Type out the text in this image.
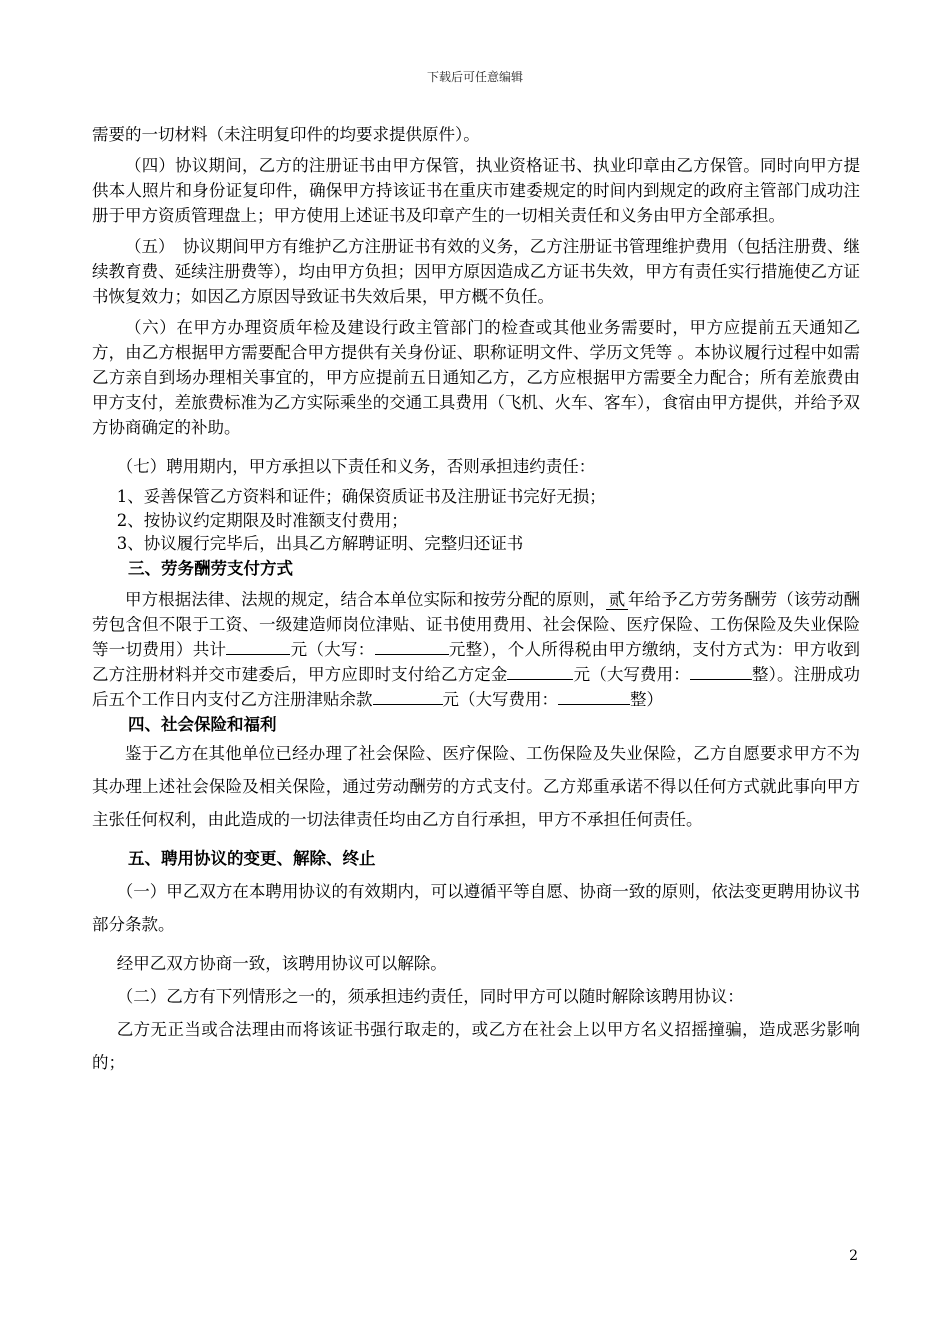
下载后可任意编辑

需要的一切材料（未注明复印件的均要求提供原件）。

（四）协议期间，乙方的注册证书由甲方保管，执业资格证书、执业印章由乙方保管。同时向甲方提供本人照片和身份证复印件，确保甲方持该证书在重庆市建委规定的时间内到规定的政府主管部门成功注册于甲方资质管理盘上；甲方使用上述证书及印章产生的一切相关责任和义务由甲方全部承担。

（五）　协议期间甲方有维护乙方注册证书有效的义务，乙方注册证书管理维护费用（包括注册费、继续教育费、延续注册费等），均由甲方负担；因甲方原因造成乙方证书失效，甲方有责任实行措施使乙方证书恢复效力；如因乙方原因导致证书失效后果，甲方概不负任。

（六）在甲方办理资质年检及建设行政主管部门的检查或其他业务需要时，甲方应提前五天通知乙方，由乙方根据甲方需要配合甲方提供有关身份证、职称证明文件、学历文凭等 。本协议履行过程中如需乙方亲自到场办理相关事宜的，甲方应提前五日通知乙方，乙方应根据甲方需要全力配合；所有差旅费由甲方支付，差旅费标准为乙方实际乘坐的交通工具费用（飞机、火车、客车），食宿由甲方提供，并给予双方协商确定的补助。

（七）聘用期内，甲方承担以下责任和义务，否则承担违约责任：

1、妥善保管乙方资料和证件；确保资质证书及注册证书完好无损；

2、按协议约定期限及时准额支付费用；

3、协议履行完毕后，出具乙方解聘证明、完整归还证书

三、劳务酬劳支付方式

甲方根据法律、法规的规定，结合本单位实际和按劳分配的原则， 贰 年给予乙方劳务酬劳（该劳动酬劳包含但不限于工资、一级建造师岗位津贴、证书使用费用、社会保险、医疗保险、工伤保险及失业保险等一切费用）共计	元（大写：	元整），个人所得税由甲方缴纳，支付方式为：甲方收到乙方注册材料并交市建委后，甲方应即时支付给乙方定金	元（大写费用：	整）。注册成功后五个工作日内支付乙方注册津贴余款	元（大写费用：	整）

四、社会保险和福利

鉴于乙方在其他单位已经办理了社会保险、医疗保险、工伤保险及失业保险，乙方自愿要求甲方不为其办理上述社会保险及相关保险，通过劳动酬劳的方式支付。乙方郑重承诺不得以任何方式就此事向甲方主张任何权利，由此造成的一切法律责任均由乙方自行承担，甲方不承担任何责任。

五、聘用协议的变更、解除、终止

（一）甲乙双方在本聘用协议的有效期内，可以遵循平等自愿、协商一致的原则，依法变更聘用协议书部分条款。

经甲乙双方协商一致，该聘用协议可以解除。

（二）乙方有下列情形之一的，须承担违约责任，同时甲方可以随时解除该聘用协议：

乙方无正当或合法理由而将该证书强行取走的，或乙方在社会上以甲方名义招摇撞骗，造成恶劣影响的；

2
